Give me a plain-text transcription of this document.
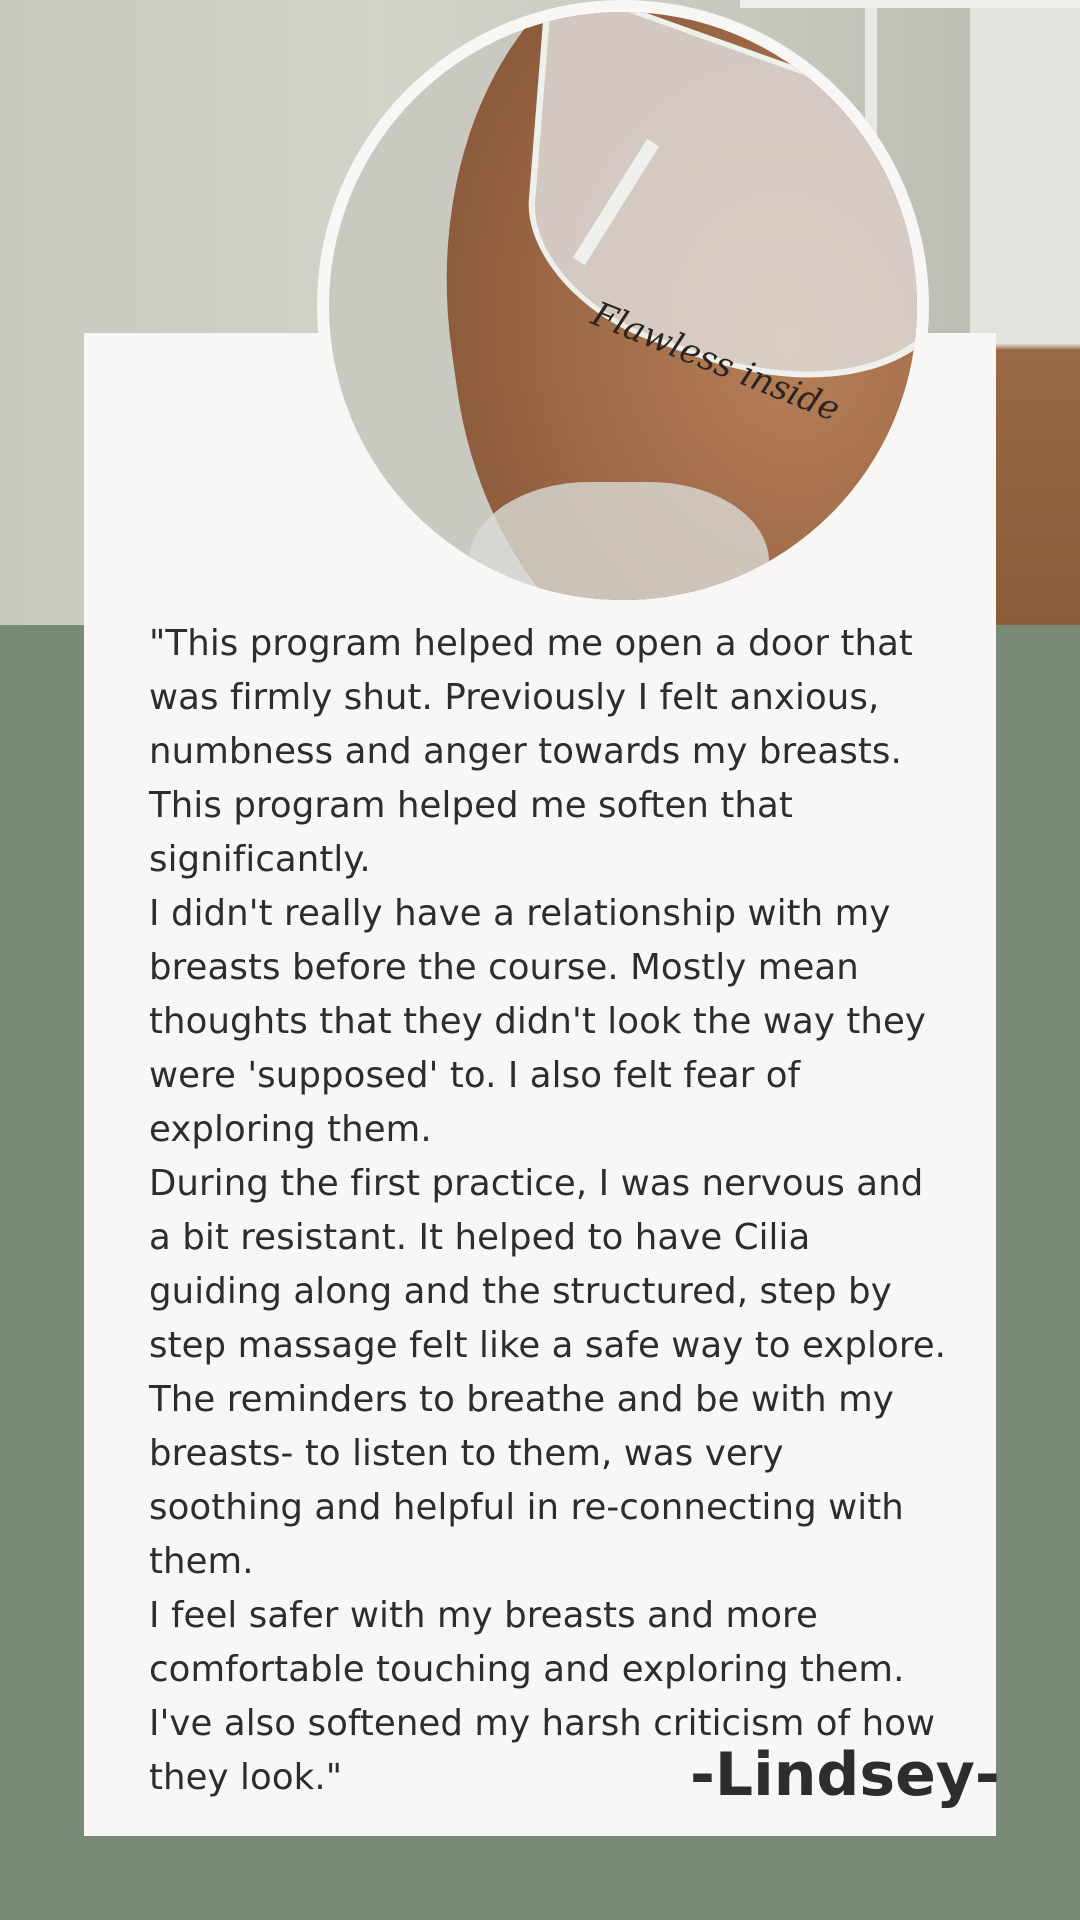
Flawless inside

"This program helped me open a door that was firmly shut. Previously I felt anxious, numbness and anger towards my breasts. This program helped me soften that significantly.

I didn't really have a relationship with my breasts before the course. Mostly mean thoughts that they didn't look the way they were 'supposed' to. I also felt fear of exploring them.

During the first practice, I was nervous and a bit resistant. It helped to have Cilia guiding along and the structured, step by step massage felt like a safe way to explore. The reminders to breathe and be with my breasts- to listen to them, was very soothing and helpful in re-connecting with them.

I feel safer with my breasts and more comfortable touching and exploring them. I've also softened my harsh criticism of how they look."	-Lindsey-
